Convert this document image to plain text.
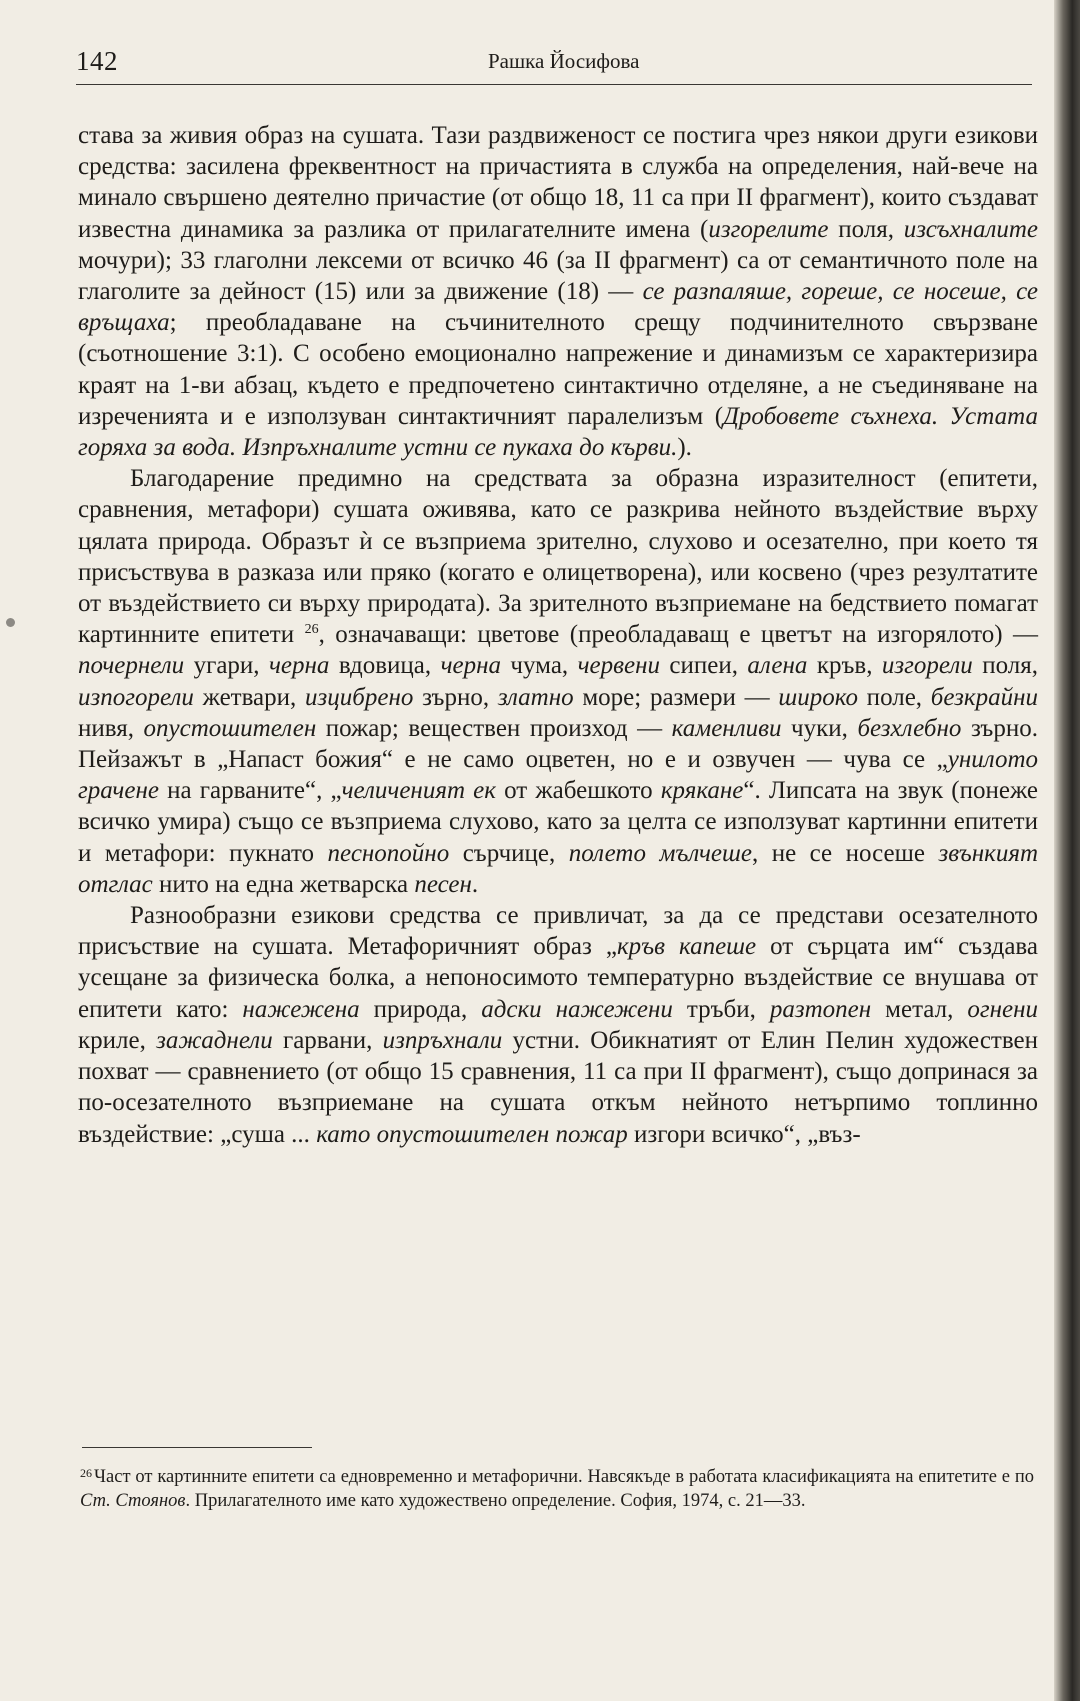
142	Рашка Йосифова

става за живия образ на сушата. Тази раздвиженост се постига чрез някои други езикови средства: засилена фреквентност на причастията в служба на определения, най-вече на минало свършено деятелно причастие (от общо 18, 11 са при II фрагмент), които създават известна динамика за разлика от прилагателните имена (изгорелите поля, изсъхналите мочури); 33 глаголни лексеми от всичко 46 (за II фрагмент) са от семантичното поле на глаголите за дейност (15) или за движение (18) — се разпаляше, гореше, се носеше, се връщаха; преобладаване на съчинителното срещу подчинителното свързване (съотношение 3:1). С особено емоционално напрежение и динамизъм се характеризира краят на 1-ви абзац, където е предпочетено синтактично отделяне, а не съединяване на изреченията и е използуван синтактичният паралелизъм (Дробовете съхнеха. Устата горяха за вода. Изпръхналите устни се пукаха до кърви.).

Благодарение предимно на средствата за образна изразителност (епитети, сравнения, метафори) сушата оживява, като се разкрива нейното въздействие върху цялата природа. Образът ѝ се възприема зрително, слухово и осезателно, при което тя присъствува в разказа или пряко (когато е олицетворена), или косвено (чрез резултатите от въздействието си върху природата). За зрителното възприемане на бедствието помагат картинните епитети $^{26}$, означаващи: цветове (преобладаващ е цветът на изгорялото) — почернели угари, черна вдовица, черна чума, червени сипеи, алена кръв, изгорели поля, изпогорели жетвари, изцибрено зърно, златно море; размери — широко поле, безкрайни нивя, опустошителен пожар; веществен произход — каменливи чуки, безхлебно зърно. Пейзажът в „Напаст божия“ е не само оцветен, но е и озвучен — чува се „унилото грачене на гарваните“, „челиченият ек от жабешкото крякане“. Липсата на звук (понеже всичко умира) също се възприема слухово, като за целта се използуват картинни епитети и метафори: пукнато песнопойно сърчице, полето мълчеше, не се носеше звънкият отглас нито на една жетварска песен.

Разнообразни езикови средства се привличат, за да се представи осезателното присъствие на сушата. Метафоричният образ „кръв капеше от сърцата им“ създава усещане за физическа болка, а непоносимото температурно въздействие се внушава от епитети като: нажежена природа, адски нажежени тръби, разтопен метал, огнени криле, зажаднели гарвани, изпръхнали устни. Обикнатият от Елин Пелин художествен похват — сравнението (от общо 15 сравнения, 11 са при II фрагмент), също допринася за по-осезателното възприемане на сушата откъм нейното нетърпимо топлинно въздействие: „суша ... като опустошителен пожар изгори всичко“, „въз-

$^{26}$ Част от картинните епитети са едновременно и метафорични. Навсякъде в работата класификацията на епитетите е по Ст. Стоянов. Прилагателното име като художествено определение. София, 1974, с. 21—33.
